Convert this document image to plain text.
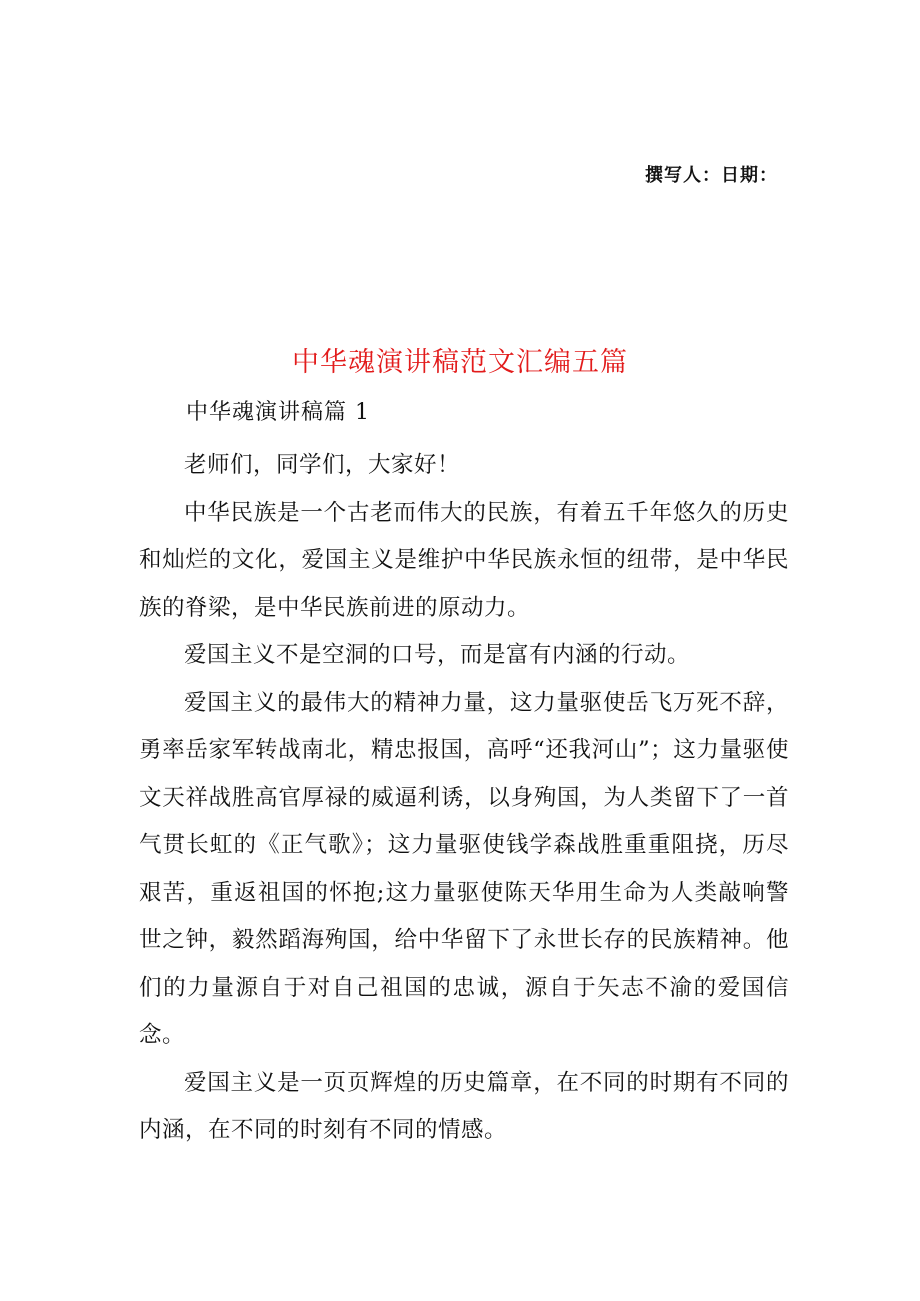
撰写人：日期：
中华魂演讲稿范文汇编五篇
中华魂演讲稿篇 1

老师们，同学们，大家好！

中华民族是一个古老而伟大的民族，有着五千年悠久的历史和灿烂的文化，爱国主义是维护中华民族永恒的纽带，是中华民族的脊梁，是中华民族前进的原动力。

爱国主义不是空洞的口号，而是富有内涵的行动。

爱国主义的最伟大的精神力量，这力量驱使岳飞万死不辞，勇率岳家军转战南北，精忠报国，高呼“还我河山”；这力量驱使文天祥战胜高官厚禄的威逼利诱，以身殉国，为人类留下了一首气贯长虹的《正气歌》；这力量驱使钱学森战胜重重阻挠，历尽艰苦，重返祖国的怀抱;这力量驱使陈天华用生命为人类敲响警世之钟，毅然蹈海殉国，给中华留下了永世长存的民族精神。他们的力量源自于对自己祖国的忠诚，源自于矢志不渝的爱国信念。

爱国主义是一页页辉煌的历史篇章，在不同的时期有不同的内涵，在不同的时刻有不同的情感。
